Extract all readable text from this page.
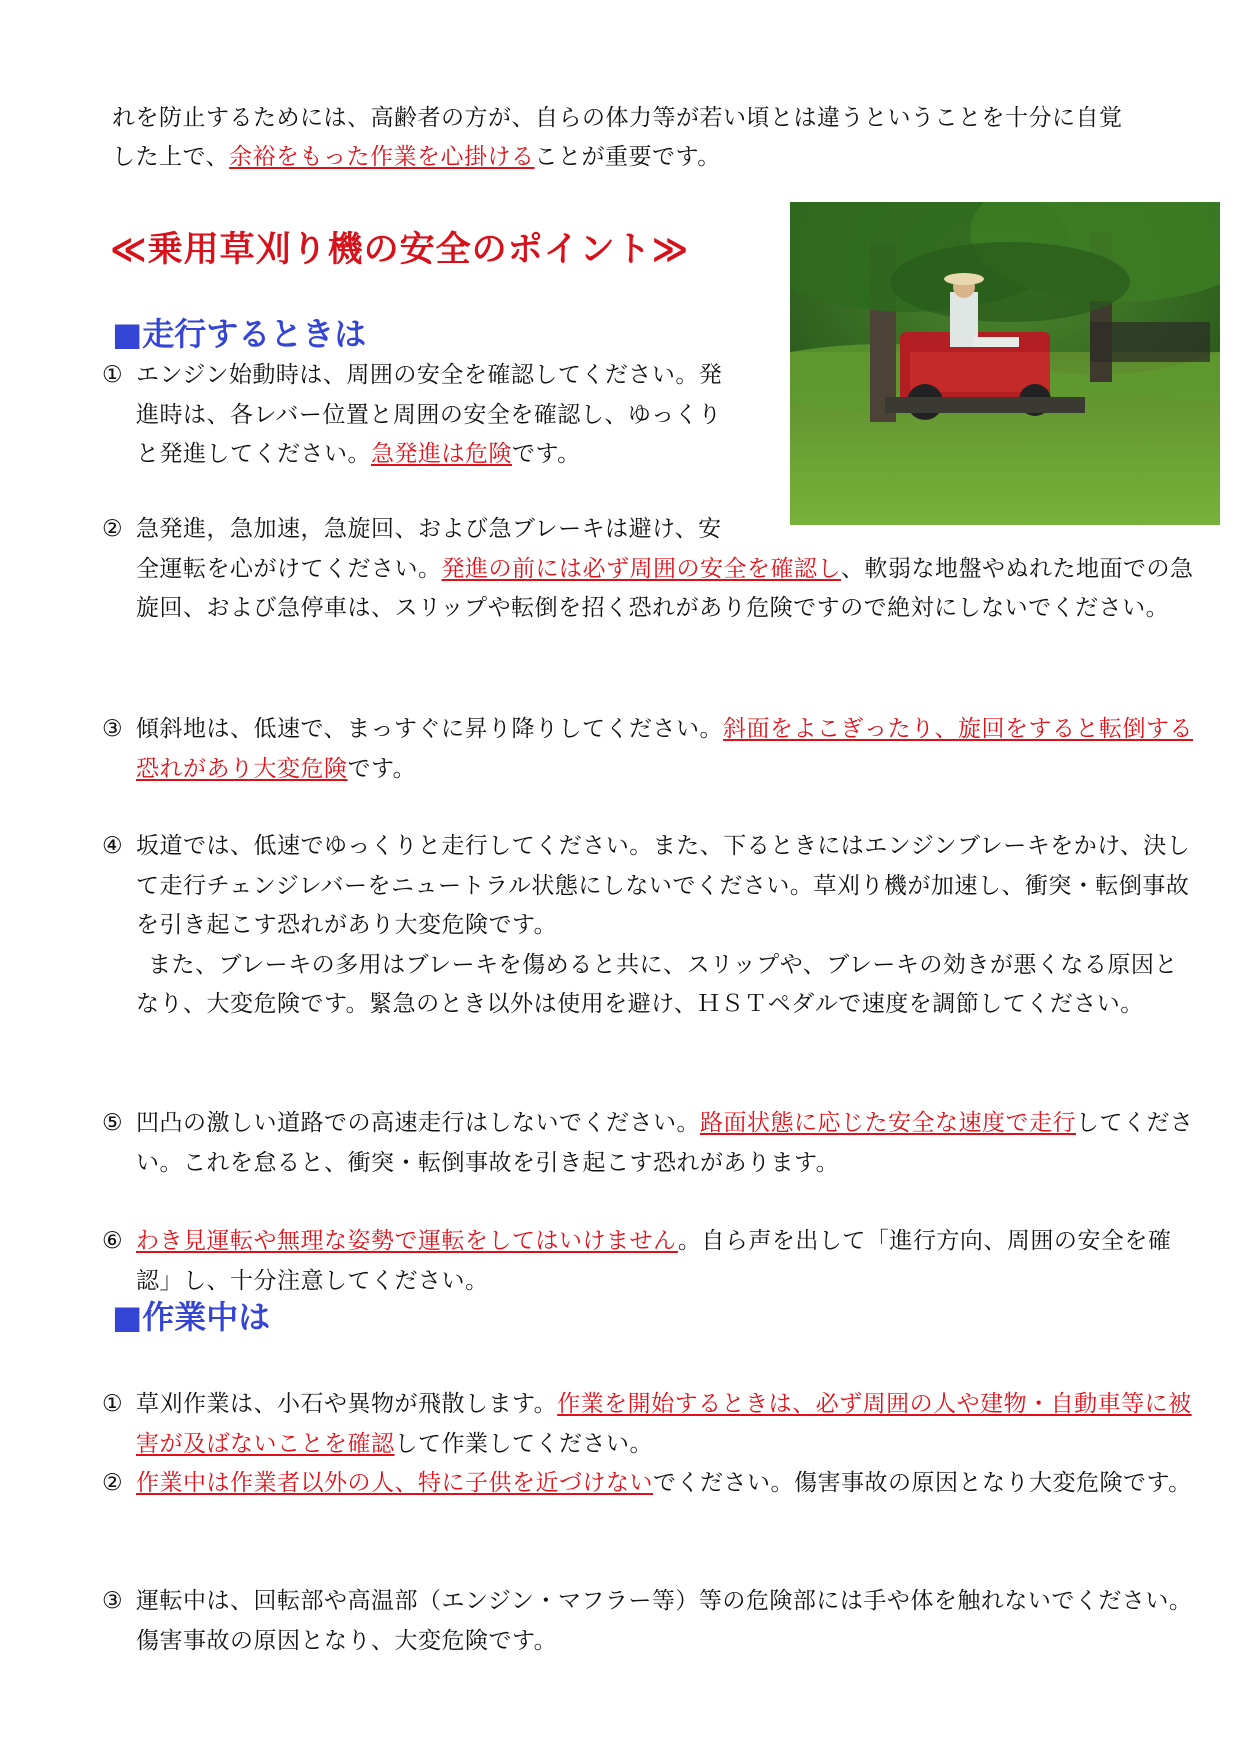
れを防止するためには、高齢者の方が、自らの体力等が若い頃とは違うということを十分に自覚
した上で、余裕をもった作業を心掛けることが重要です。

≪乗用草刈り機の安全のポイント≫
■走行するときは

① エンジン始動時は、周囲の安全を確認してください。発
進時は、各レバー位置と周囲の安全を確認し、ゆっくり
と発進してください。急発進は危険です。

② 急発進，急加速，急旋回、および急ブレーキは避け、安
全運転を心がけてください。発進の前には必ず周囲の安全を確認し、軟弱な地盤やぬれた地面での急旋回、および急停車は、スリップや転倒を招く恐れがあり危険ですので絶対にしないでください。

③ 傾斜地は、低速で、まっすぐに昇り降りしてください。斜面をよこぎったり、旋回をすると転倒する恐れがあり大変危険です。

④ 坂道では、低速でゆっくりと走行してください。また、下るときにはエンジンブレーキをかけ、決して走行チェンジレバーをニュートラル状態にしないでください。草刈り機が加速し、衝突・転倒事故を引き起こす恐れがあり大変危険です。
また、ブレーキの多用はブレーキを傷めると共に、スリップや、ブレーキの効きが悪くなる原因となり、大変危険です。緊急のとき以外は使用を避け、ＨＳＴペダルで速度を調節してください。

⑤ 凹凸の激しい道路での高速走行はしないでください。路面状態に応じた安全な速度で走行してください。これを怠ると、衝突・転倒事故を引き起こす恐れがあります。

⑥ わき見運転や無理な姿勢で運転をしてはいけません。自ら声を出して「進行方向、周囲の安全を確認」し、十分注意してください。

■作業中は

① 草刈作業は、小石や異物が飛散します。作業を開始するときは、必ず周囲の人や建物・自動車等に被害が及ばないことを確認して作業してください。

② 作業中は作業者以外の人、特に子供を近づけないでください。傷害事故の原因となり大変危険です。

③ 運転中は、回転部や高温部（エンジン・マフラー等）等の危険部には手や体を触れないでください。傷害事故の原因となり、大変危険です。
